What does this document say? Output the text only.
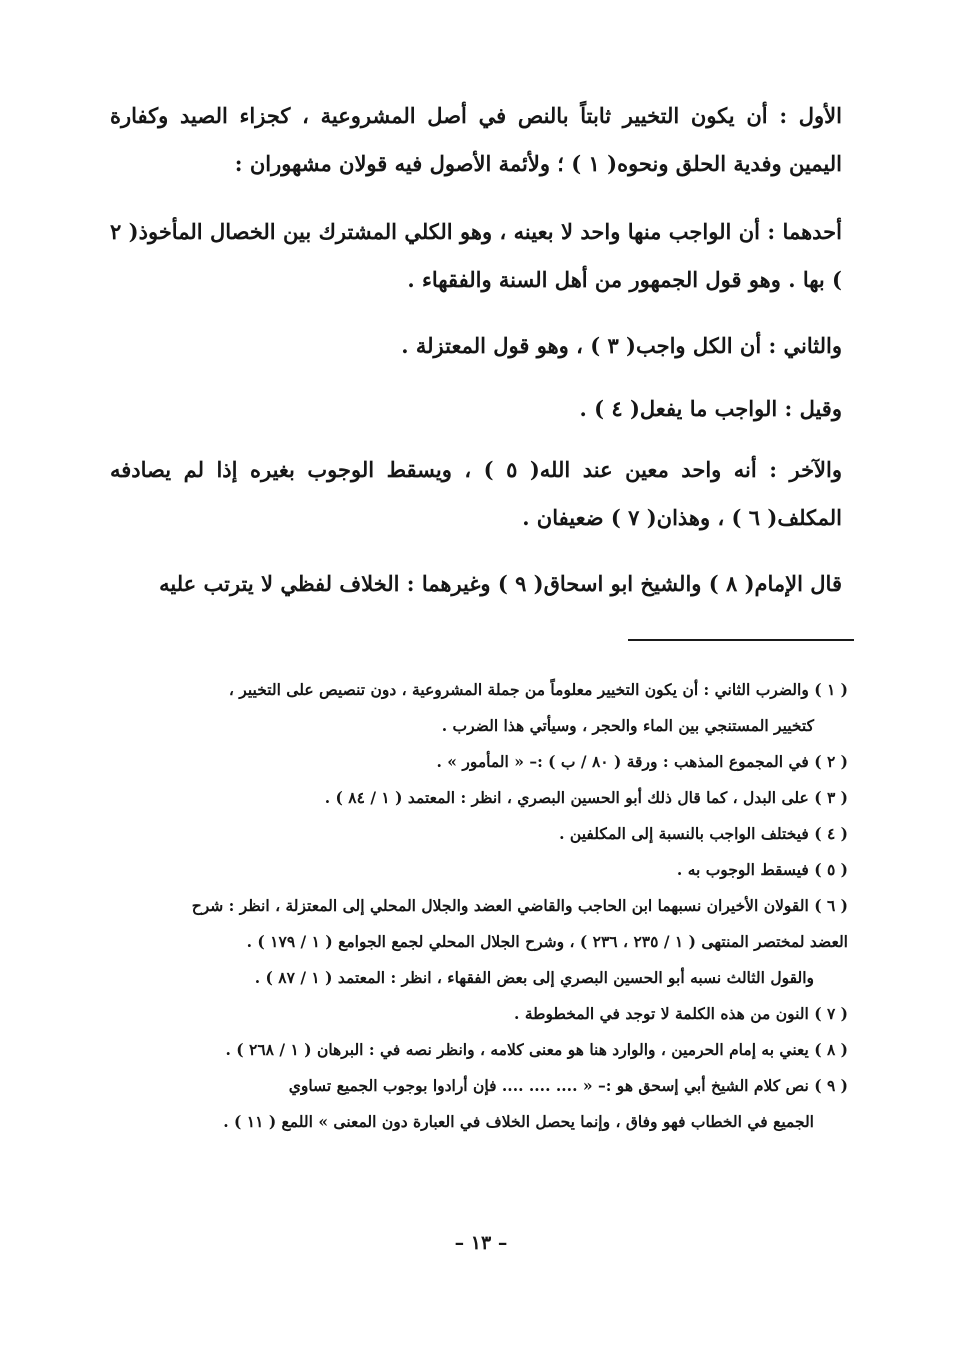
الأول : أن يكون التخيير ثابتاً بالنص في أصل المشروعية ، كجزاء الصيد وكفارة اليمين وفدية الحلق ونحوه( ١ ) ؛ ولأئمة الأصول فيه قولان مشهوران :

أحدهما : أن الواجب منها واحد لا بعينه ، وهو الكلي المشترك بين الخصال المأخوذ( ٢ ) بها . وهو قول الجمهور من أهل السنة والفقهاء .

والثاني : أن الكل واجب( ٣ ) ، وهو قول المعتزلة .

وقيل : الواجب ما يفعل( ٤ ) .

والآخر : أنه واحد معين عند الله( ٥ ) ، ويسقط الوجوب بغيره إذا لم يصادفه المكلف( ٦ ) ، وهذان( ٧ ) ضعيفان .

قال الإمام( ٨ ) والشيخ ابو اسحاق( ٩ ) وغيرهما : الخلاف لفظي لا يترتب عليه

( ١ ) والضرب الثاني : أن يكون التخيير معلوماً من جملة المشروعية ، دون تنصيص على التخيير ،

كتخيير المستنجي بين الماء والحجر ، وسيأتي هذا الضرب .

( ٢ ) في المجموع المذهب : ورقة ( ٨٠ / ب ) :– « المأمور » .

( ٣ ) على البدل ، كما قال ذلك أبو الحسين البصري ، انظر : المعتمد ( ١ / ٨٤ ) .

( ٤ ) فيختلف الواجب بالنسبة إلى المكلفين .

( ٥ ) فيسقط الوجوب به .

( ٦ ) القولان الأخيران نسبهما ابن الحاجب والقاضي العضد والجلال المحلي إلى المعتزلة ، انظر : شرح

العضد لمختصر المنتهى ( ١ / ٢٣٥ ، ٢٣٦ ) ، وشرح الجلال المحلي لجمع الجوامع ( ١ / ١٧٩ ) .

والقول الثالث نسبه أبو الحسين البصري إلى بعض الفقهاء ، انظر : المعتمد ( ١ / ٨٧ ) .

( ٧ ) النون من هذه الكلمة لا توجد في المخطوطة .

( ٨ ) يعني به إمام الحرمين ، والوارد هنا هو معنى كلامه ، وانظر نصه في : البرهان ( ١ / ٢٦٨ ) .

( ٩ ) نص كلام الشيخ أبي إسحق هو :– « .... .... .... فإن أرادوا بوجوب الجميع تساوي

الجميع في الخطاب فهو وفاق ، وإنما يحصل الخلاف في العبارة دون المعنى » اللمع ( ١١ ) .

– ١٣ –
